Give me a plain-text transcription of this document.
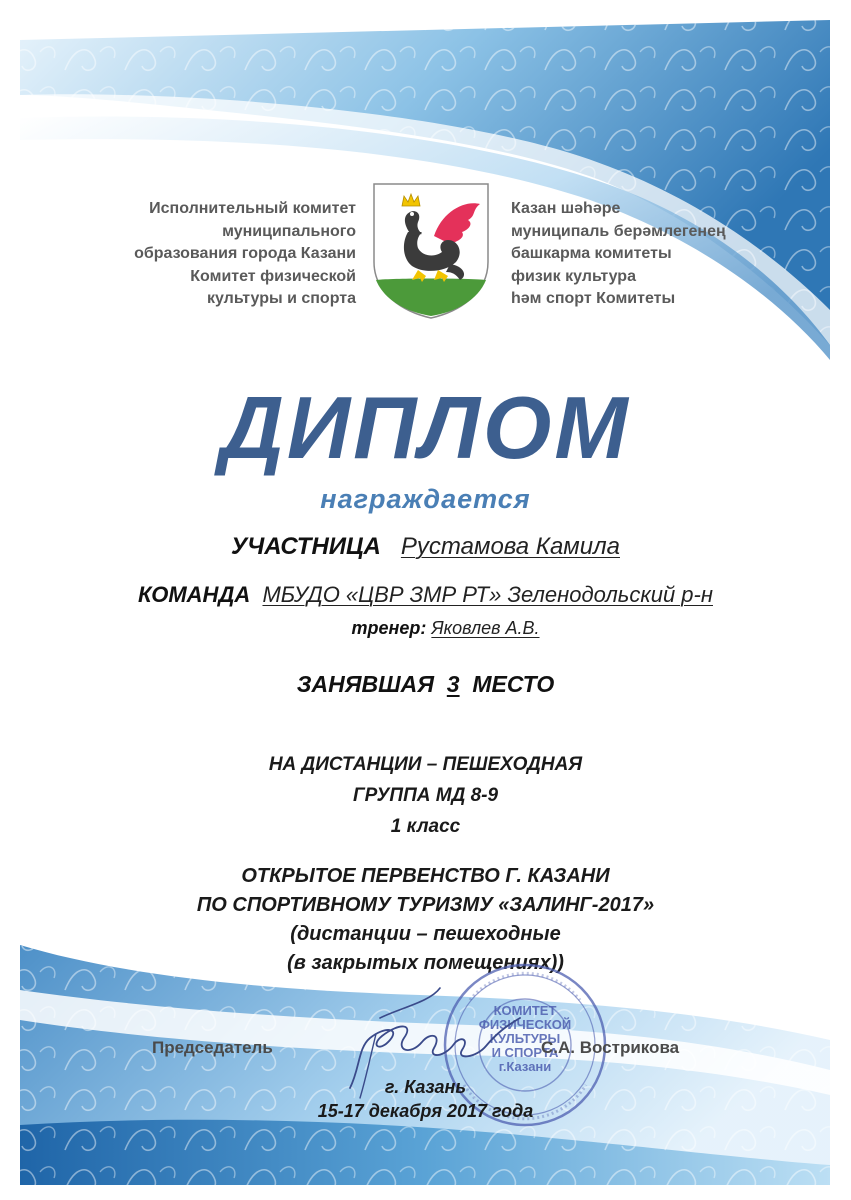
Исполнительный комитет
муниципального
образования города Казани
Комитет физической
культуры и спорта
Казан шәһәре
муниципаль берәмлегенең
башкарма комитеты
физик культура
һәм спорт Комитеты
ДИПЛОМ
награждается
УЧАСТНИЦА Рустамова Камила
КОМАНДА МБУДО «ЦВР ЗМР РТ» Зеленодольский р-н
тренер: Яковлев А.В.
ЗАНЯВШАЯ 3 МЕСТО
НА ДИСТАНЦИИ – ПЕШЕХОДНАЯ
ГРУППА МД 8-9
1 класс
ОТКРЫТОЕ ПЕРВЕНСТВО Г. КАЗАНИ
ПО СПОРТИВНОМУ ТУРИЗМУ «ЗАЛИНГ-2017»
(дистанции – пешеходные
(в закрытых помещениях))
КОМИТЕТ
ФИЗИЧЕСКОЙ
КУЛЬТУРЫ
И СПОРТА
г.Казани
Председатель	С.А. Вострикова
г. Казань
15-17 декабря 2017 года
